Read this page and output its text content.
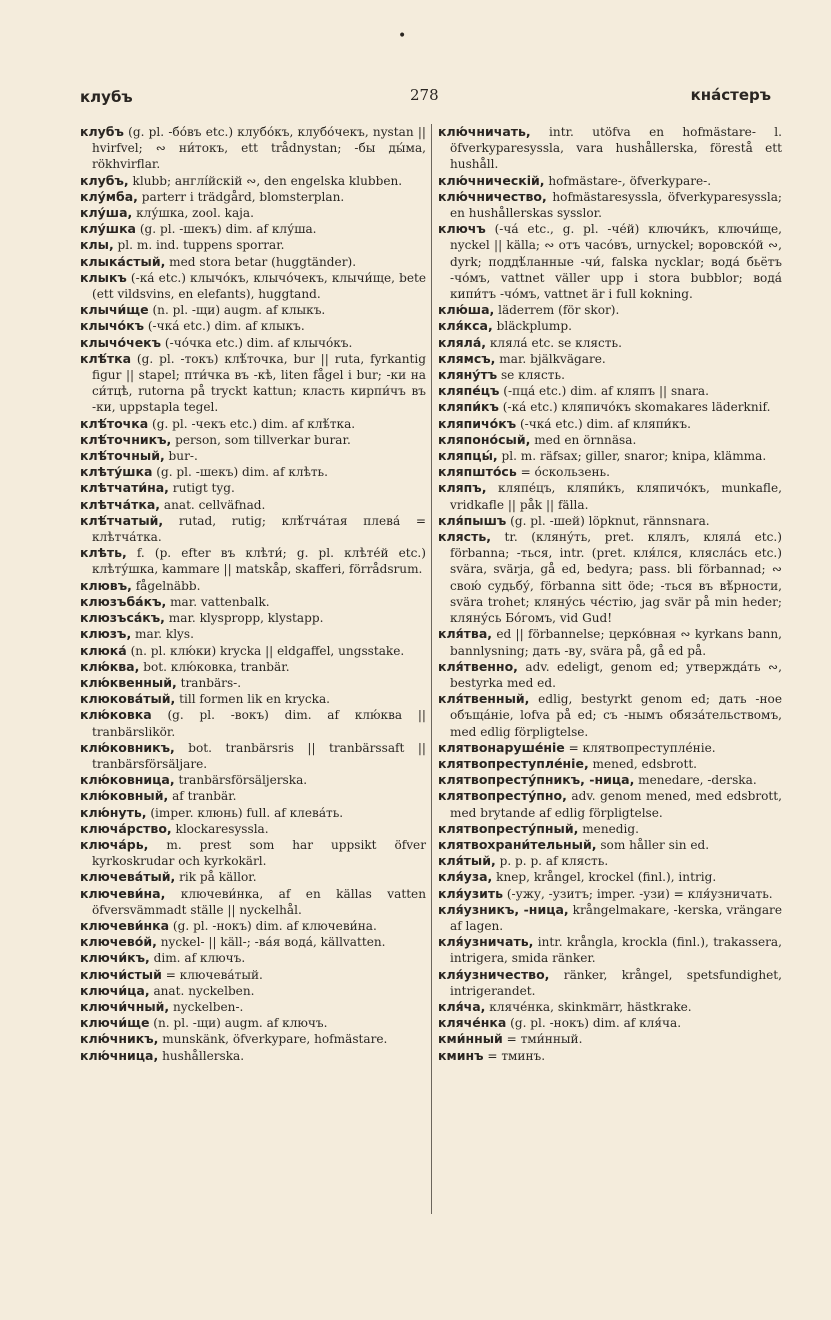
•
клубъ	278	кна́стеръ

клубъ (g. pl. -бо́въ etc.) клубо́къ, клубо́чекъ, nystan || hvirfvel; ∾ ни́токъ, ett trådnystan; -бы ды́ма, rökhvirflar.

клубъ, klubb; англі́йскій ∾, den engelska klubben.

клу́мба, parterr i trädgård, blomsterplan.

клу́ша, клу́шка, zool. kaja.

клу́шка (g. pl. -шекъ) dim. af клу́ша.

клы, pl. m. ind. tuppens sporrar.

клыка́стый, med stora betar (huggtänder).

клыкъ (-ка́ etc.) клычо́къ, клычо́чекъ, клычи́ще, bete (ett vildsvins, en elefants), huggtand.

клычи́ще (n. pl. -щи) augm. af клыкъ.

клычо́къ (-чка́ etc.) dim. af клыкъ.

клычо́чекъ (-чо́чка etc.) dim. af клычо́къ.

клѣ́тка (g. pl. -токъ) клѣ́точка, bur || ruta, fyrkantig figur || stapel; пти́чка въ -кѣ, liten fågel i bur; -ки на си́тцѣ, rutorna på tryckt kattun; класть кирпи́чъ въ -ки, uppstapla tegel.

клѣ́точка (g. pl. -чекъ etc.) dim. af клѣ́тка.

клѣ́точникъ, person, som tillverkar burar.

клѣ́точный, bur-.

клѣту́шка (g. pl. -шекъ) dim. af клѣть.

клѣтчати́на, rutigt tyg.

клѣтча́тка, anat. cellväfnad.

клѣ́тчатый, rutad, rutig; клѣ́тча́тая плева́ = клѣтча́тка.

клѣть, f. (p. efter въ клѣти́; g. pl. клѣте́й etc.) клѣту́шка, kammare || matskåp, skafferi, förrådsrum.

клювъ, fågelnäbb.

клюзъба́къ, mar. vattenbalk.

клюзъса́къ, mar. klyspropp, klystapp.

клюзъ, mar. klys.

клюка́ (n. pl. клю́ки) krycka || eldgaffel, ungsstake.

клю́ква, bot. клю́ковка, tranbär.

клю́квенный, tranbärs-.

клюкова́тый, till formen lik en krycka.

клю́ковка (g. pl. -вокъ) dim. af клю́ква || tranbärslikör.

клю́ковникъ, bot. tranbärsris || tranbärssaft || tranbärsförsäljare.

клю́ковница, tranbärsförsäljerska.

клю́ковный, af tranbär.

клю́нуть, (imper. клюнь) full. af клева́ть.

ключа́рство, klockaresyssla.

ключа́рь, m. prest som har uppsikt öfver kyrkoskrudar och kyrkokärl.

ключева́тый, rik på källor.

ключеви́на, ключеви́нка, af en källas vatten öfversvämmadt ställe || nyckelhål.

ключеви́нка (g. pl. -нокъ) dim. af ключеви́на.

ключево́й, nyckel- || käll-; -ва́я вода́, källvatten.

ключи́къ, dim. af ключъ.

ключи́стый = ключева́тый.

ключи́ца, anat. nyckelben.

ключи́чный, nyckelben-.

ключи́ще (n. pl. -щи) augm. af ключъ.

клю́чникъ, munskänk, öfverkyparе, hofmästare.

клю́чница, hushållerska.

клю́чничать, intr. utöfva en hofmästare- l. öfverkyparesyssla, vara hushållerska, förestå ett hushåll.

клю́чническій, hofmästare-, öfverkyparе-.

клю́чничество, hofmästaresyssla, öfverkyparesyssla; en hushållerskas sysslor.

ключъ (-ча́ etc., g. pl. -че́й) ключи́къ, ключи́ще, nyckel || källa; ∾ отъ часо́въ, urnyckel; воровско́й ∾, dyrk; поддѣ́ланные -чи́, falska nycklar; вода́ бьётъ -чо́мъ, vattnet väller upp i stora bubblor; вода́ кипи́тъ -чо́мъ, vattnet är i full kokning.

клю́ша, läderrem (för skor).

кля́кса, bläckplump.

кляла́, кляла́ etc. se клясть.

клямсъ, mar. bjälkvägare.

кляну́тъ se клясть.

кляпе́цъ (-пца́ etc.) dim. af кляпъ || snara.

кляпи́къ (-ка́ etc.) кляпичо́къ skomakares läderknif.

кляпичо́къ (-чка́ etc.) dim. af кляпи́къ.

кляпоно́сый, med en örnnäsa.

кляпцы́, pl. m. räfsax; giller, snaror; knipa, klämma.

кляпшто́сь = о́скользень.

кляпъ, кляпе́цъ, кляпи́къ, кляпичо́къ, munkafle, vridkafle || påk || fälla.

кля́пышъ (g. pl. -шей) löpknut, rännsnara.

клясть, tr. (кляну́ть, pret. клялъ, кляла́ etc.) förbanna; -ться, intr. (pret. кля́лся, клясла́сь etc.) svära, svärja, gå ed, bedyra; pass. bli förbannad; ∾ свою́ судьбу́, förbanna sitt öde; -ться въ вѣ́рности, svära trohet; кляну́сь че́стію, jag svär på min heder; кляну́сь Бо́гомъ, vid Gud!

кля́тва, ed || förbannelse; церко́вная ∾ kyrkans bann, bannlysning; дать -ву, svära på, gå ed på.

кля́твенно, adv. edeligt, genom ed; утвержда́ть ∾, bestyrka med ed.

кля́твенный, edlig, bestyrkt genom ed; дать -ное объща́ніе, lofva på ed; съ -нымъ обяза́тельствомъ, med edlig förpligtelse.

клятвонаруше́ніе = клятвопреступле́ніе.

клятвопреступле́ніе, mened, edsbrott.

клятвопресту́пникъ, -ница, menedare, -derska.

клятвопресту́пно, adv. genom mened, med edsbrott, med brytande af edlig förpligtelse.

клятвопресту́пный, menedig.

клятвохрани́тельный, som håller sin ed.

кля́тый, p. p. p. af клясть.

кля́уза, knep, krångel, krockel (finl.), intrig.

кля́узить (-ужу, -узитъ; imper. -узи) = кля́узничать.

кля́узникъ, -ница, krångelmakare, -kerska, vrängare af lagen.

кля́узничать, intr. krångla, krockla (finl.), trakassera, intrigera, smida ränker.

кля́узничество, ränker, krångel, spetsfundighet, intrigerandet.

кля́ча, кляче́нка, skinkmärr, hästkrake.

кляче́нка (g. pl. -нокъ) dim. af кля́ча.

кми́нный = тми́нный.

кминъ = тминъ.
